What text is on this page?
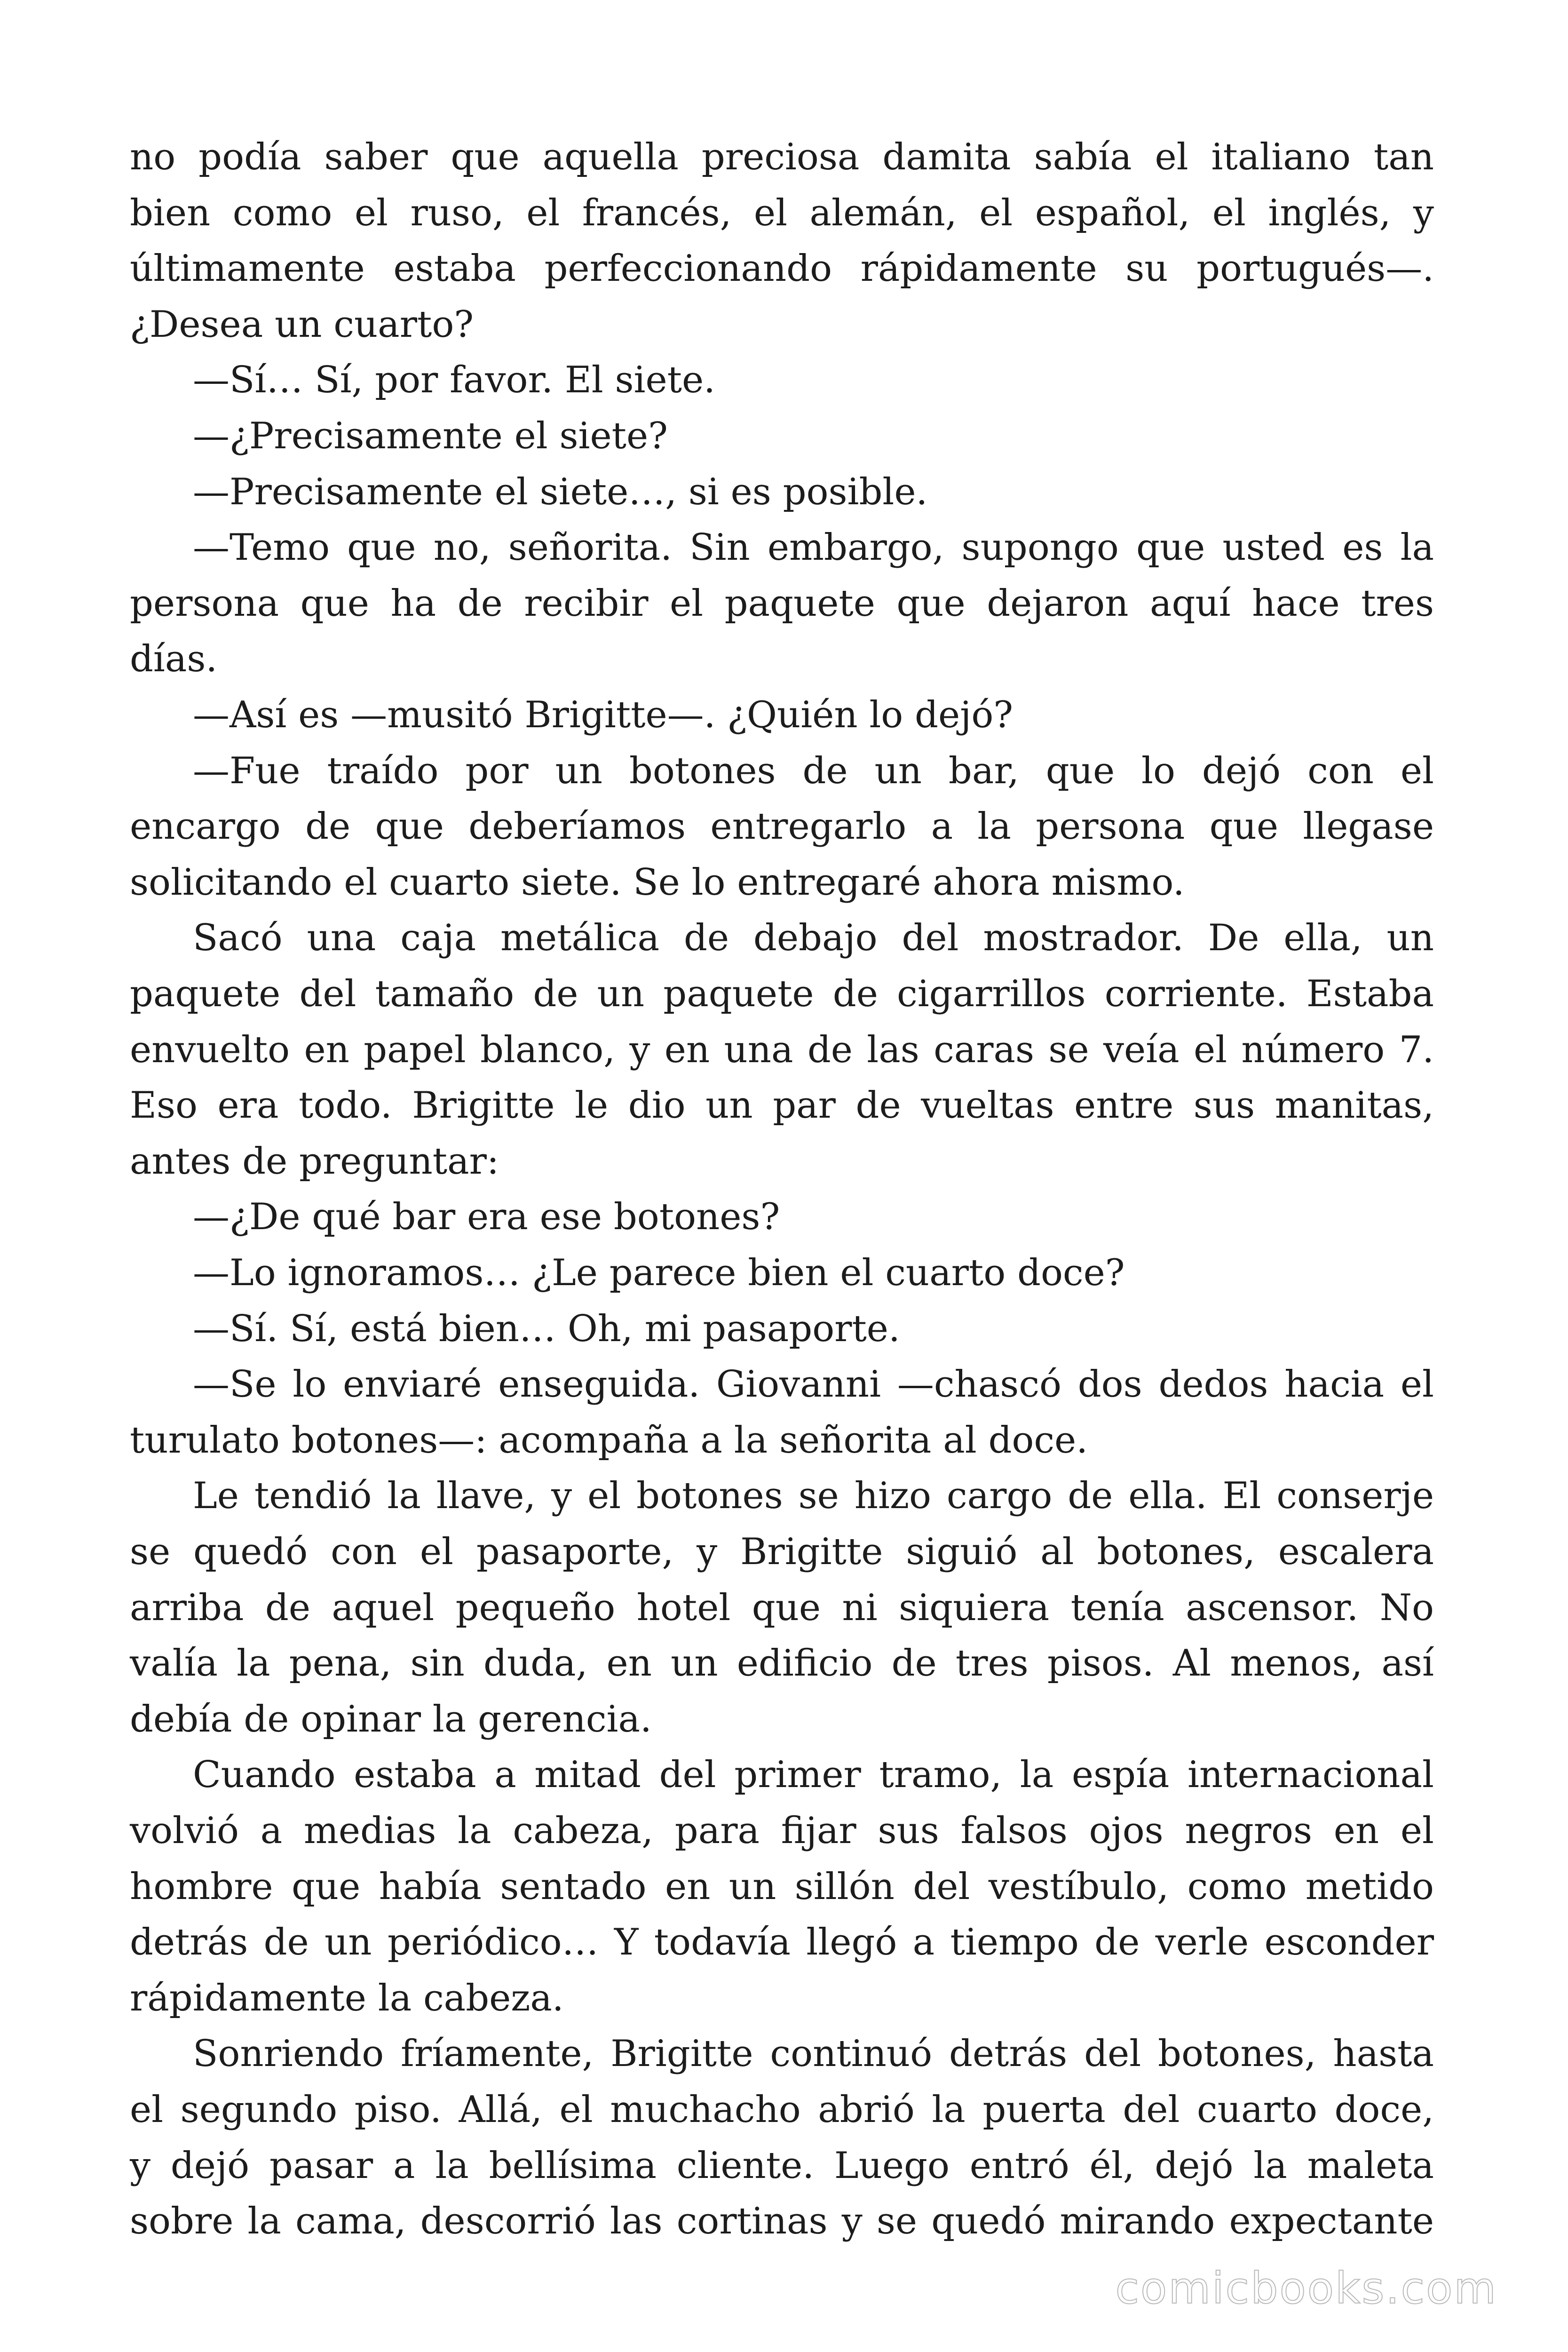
no podía saber que aquella preciosa damita sabía el italiano tan
bien como el ruso, el francés, el alemán, el español, el inglés, y
últimamente estaba perfeccionando rápidamente su portugués—.
¿Desea un cuarto?
—Sí… Sí, por favor. El siete.
—¿Precisamente el siete?
—Precisamente el siete…, si es posible.
—Temo que no, señorita. Sin embargo, supongo que usted es la
persona que ha de recibir el paquete que dejaron aquí hace tres
días.
—Así es —musitó Brigitte—. ¿Quién lo dejó?
—Fue traído por un botones de un bar, que lo dejó con el
encargo de que deberíamos entregarlo a la persona que llegase
solicitando el cuarto siete. Se lo entregaré ahora mismo.
Sacó una caja metálica de debajo del mostrador. De ella, un
paquete del tamaño de un paquete de cigarrillos corriente. Estaba
envuelto en papel blanco, y en una de las caras se veía el número 7.
Eso era todo. Brigitte le dio un par de vueltas entre sus manitas,
antes de preguntar:
—¿De qué bar era ese botones?
—Lo ignoramos… ¿Le parece bien el cuarto doce?
—Sí. Sí, está bien… Oh, mi pasaporte.
—Se lo enviaré enseguida. Giovanni —chascó dos dedos hacia el
turulato botones—: acompaña a la señorita al doce.
Le tendió la llave, y el botones se hizo cargo de ella. El conserje
se quedó con el pasaporte, y Brigitte siguió al botones, escalera
arriba de aquel pequeño hotel que ni siquiera tenía ascensor. No
valía la pena, sin duda, en un edificio de tres pisos. Al menos, así
debía de opinar la gerencia.
Cuando estaba a mitad del primer tramo, la espía internacional
volvió a medias la cabeza, para fijar sus falsos ojos negros en el
hombre que había sentado en un sillón del vestíbulo, como metido
detrás de un periódico… Y todavía llegó a tiempo de verle esconder
rápidamente la cabeza.
Sonriendo fríamente, Brigitte continuó detrás del botones, hasta
el segundo piso. Allá, el muchacho abrió la puerta del cuarto doce,
y dejó pasar a la bellísima cliente. Luego entró él, dejó la maleta
sobre la cama, descorrió las cortinas y se quedó mirando expectante
comicbooks.com
